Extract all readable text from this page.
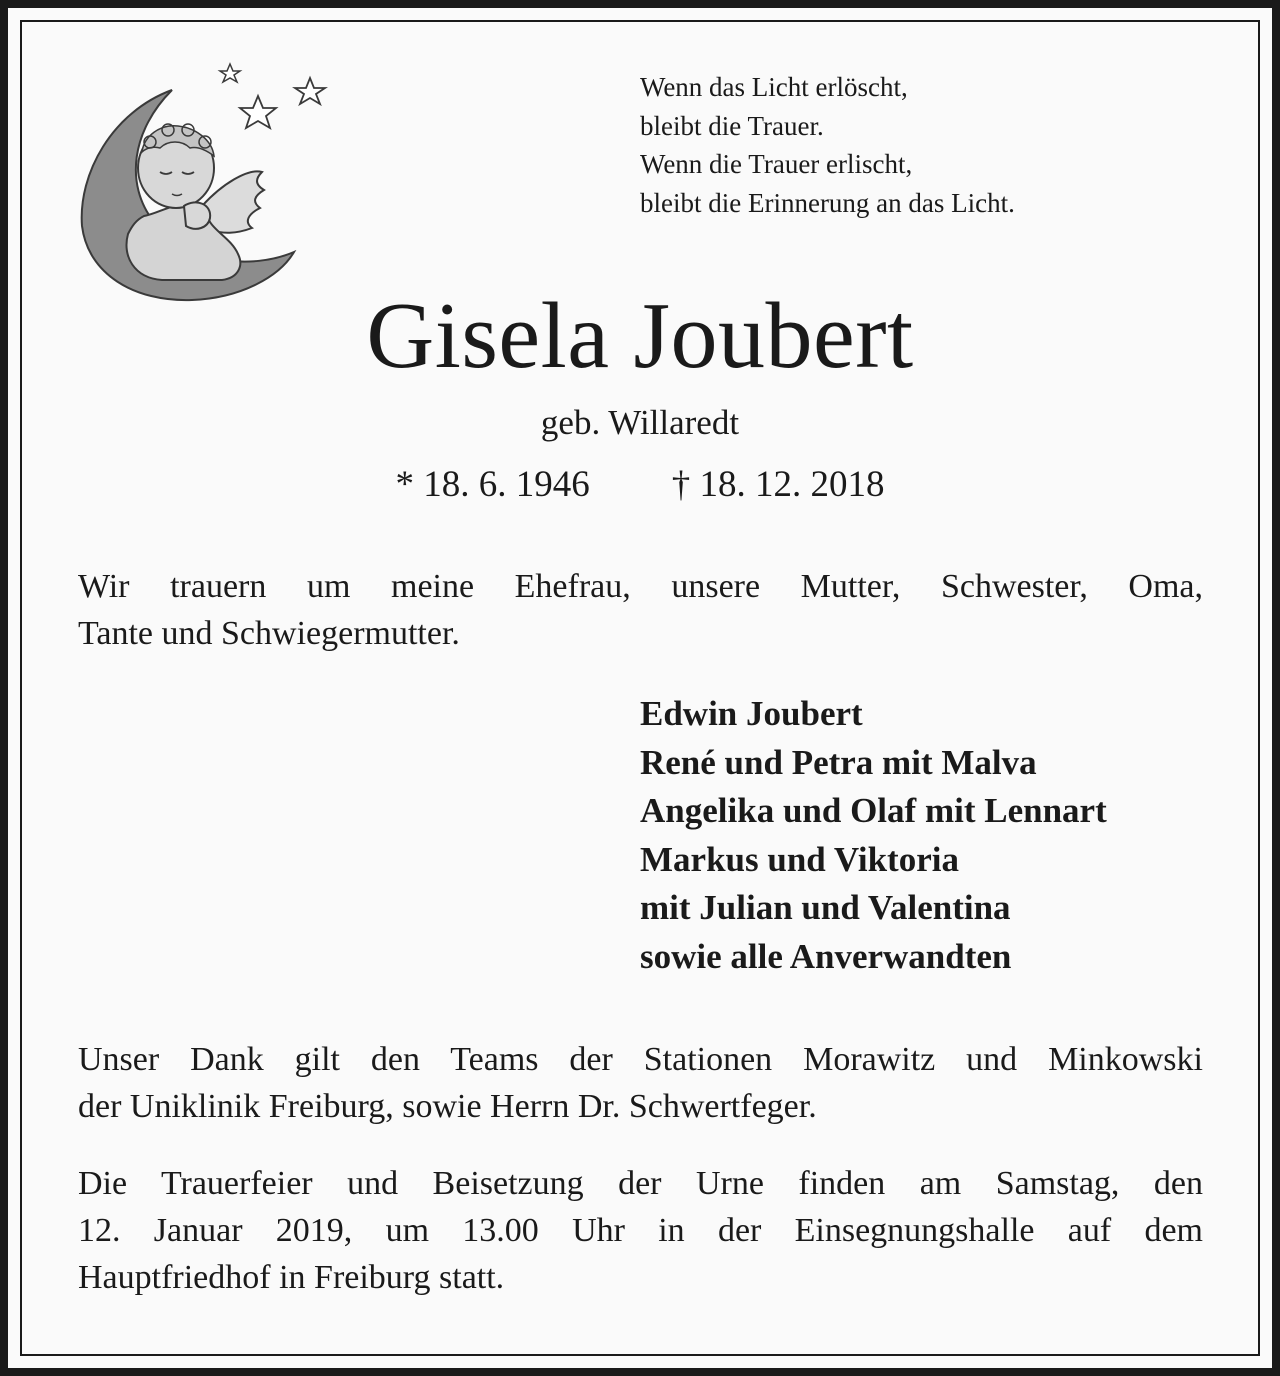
Wenn das Licht erlöscht,
bleibt die Trauer.
Wenn die Trauer erlischt,
bleibt die Erinnerung an das Licht.
Gisela Joubert
geb. Willaredt
* 18. 6. 1946 † 18. 12. 2018
Wir trauern um meine Ehefrau, unsere Mutter, Schwester, Oma,
Tante und Schwiegermutter.
Edwin Joubert
René und Petra mit Malva
Angelika und Olaf mit Lennart
Markus und Viktoria
mit Julian und Valentina
sowie alle Anverwandten
Unser Dank gilt den Teams der Stationen Morawitz und Minkowski
der Uniklinik Freiburg, sowie Herrn Dr. Schwertfeger.
Die Trauerfeier und Beisetzung der Urne finden am Samstag, den
12. Januar 2019, um 13.00 Uhr in der Einsegnungshalle auf dem
Hauptfriedhof in Freiburg statt.
